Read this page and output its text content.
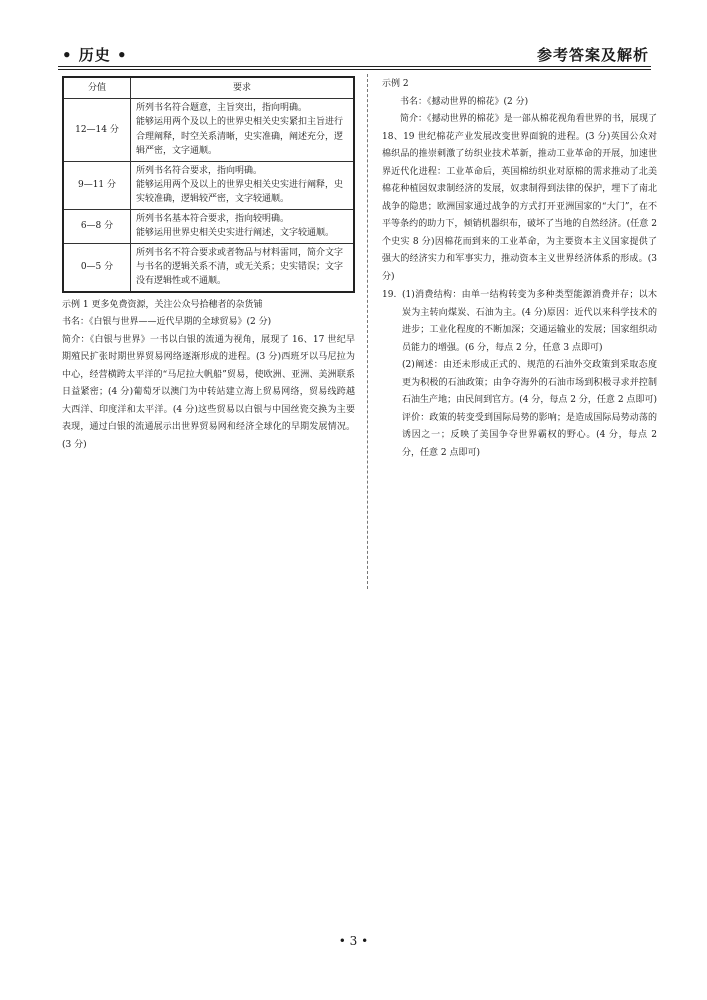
• 历史 •	参考答案及解析
分值	要求
12—14 分	所列书名符合题意，主旨突出，指向明确。
能够运用两个及以上的世界史相关史实紧扣主旨进行合理阐释，时空关系清晰，史实准确，阐述充分，逻辑严密，文字通顺。

9—11 分	所列书名符合要求，指向明确。
能够运用两个及以上的世界史相关史实进行阐释，史实较准确，逻辑较严密，文字较通顺。

6—8 分	所列书名基本符合要求，指向较明确。
能够运用世界史相关史实进行阐述，文字较通顺。

0—5 分	所列书名不符合要求或者物品与材料雷同，简介文字与书名的逻辑关系不清，或无关系；史实错误；文字没有逻辑性或不通顺。

示例 1 更多免费资源，关注公众号拾穗者的杂货铺

书名：《白银与世界——近代早期的全球贸易》(2 分)

简介：《白银与世界》一书以白银的流通为视角，展现了 16、17 世纪早期殖民扩张时期世界贸易网络逐渐形成的进程。(3 分)西班牙以马尼拉为中心，经营横跨太平洋的“马尼拉大帆船”贸易，使欧洲、亚洲、美洲联系日益紧密；(4 分)葡萄牙以澳门为中转站建立海上贸易网络，贸易线跨越大西洋、印度洋和太平洋。(4 分)这些贸易以白银与中国丝瓷交换为主要表现，通过白银的流通展示出世界贸易网和经济全球化的早期发展情况。(3 分)

示例 2

书名：《撼动世界的棉花》(2 分)

简介：《撼动世界的棉花》是一部从棉花视角看世界的书，展现了 18、19 世纪棉花产业发展改变世界面貌的进程。(3 分)英国公众对棉织品的推崇刺激了纺织业技术革新，推动工业革命的开展，加速世界近代化进程：工业革命后，英国棉纺织业对原棉的需求推动了北美棉花种植园奴隶制经济的发展，奴隶制得到法律的保护，埋下了南北战争的隐患；欧洲国家通过战争的方式打开亚洲国家的“大门”，在不平等条约的助力下，倾销机器织布，破坏了当地的自然经济。(任意 2 个史实 8 分)因棉花而到来的工业革命，为主要资本主义国家提供了强大的经济实力和军事实力，推动资本主义世界经济体系的形成。(3 分)

19. (1)消费结构：由单一结构转变为多种类型能源消费并存；以木炭为主转向煤炭、石油为主。(4 分)原因：近代以来科学技术的进步；工业化程度的不断加深；交通运输业的发展；国家组织动员能力的增强。(6 分，每点 2 分，任意 3 点即可)

(2)阐述：由还未形成正式的、规范的石油外交政策到采取态度更为积极的石油政策；由争夺海外的石油市场到积极寻求并控制石油生产地；由民间到官方。(4 分，每点 2 分，任意 2 点即可)评价：政策的转变受到国际局势的影响；是造成国际局势动荡的诱因之一；反映了美国争夺世界霸权的野心。(4 分，每点 2 分，任意 2 点即可)

• 3 •
